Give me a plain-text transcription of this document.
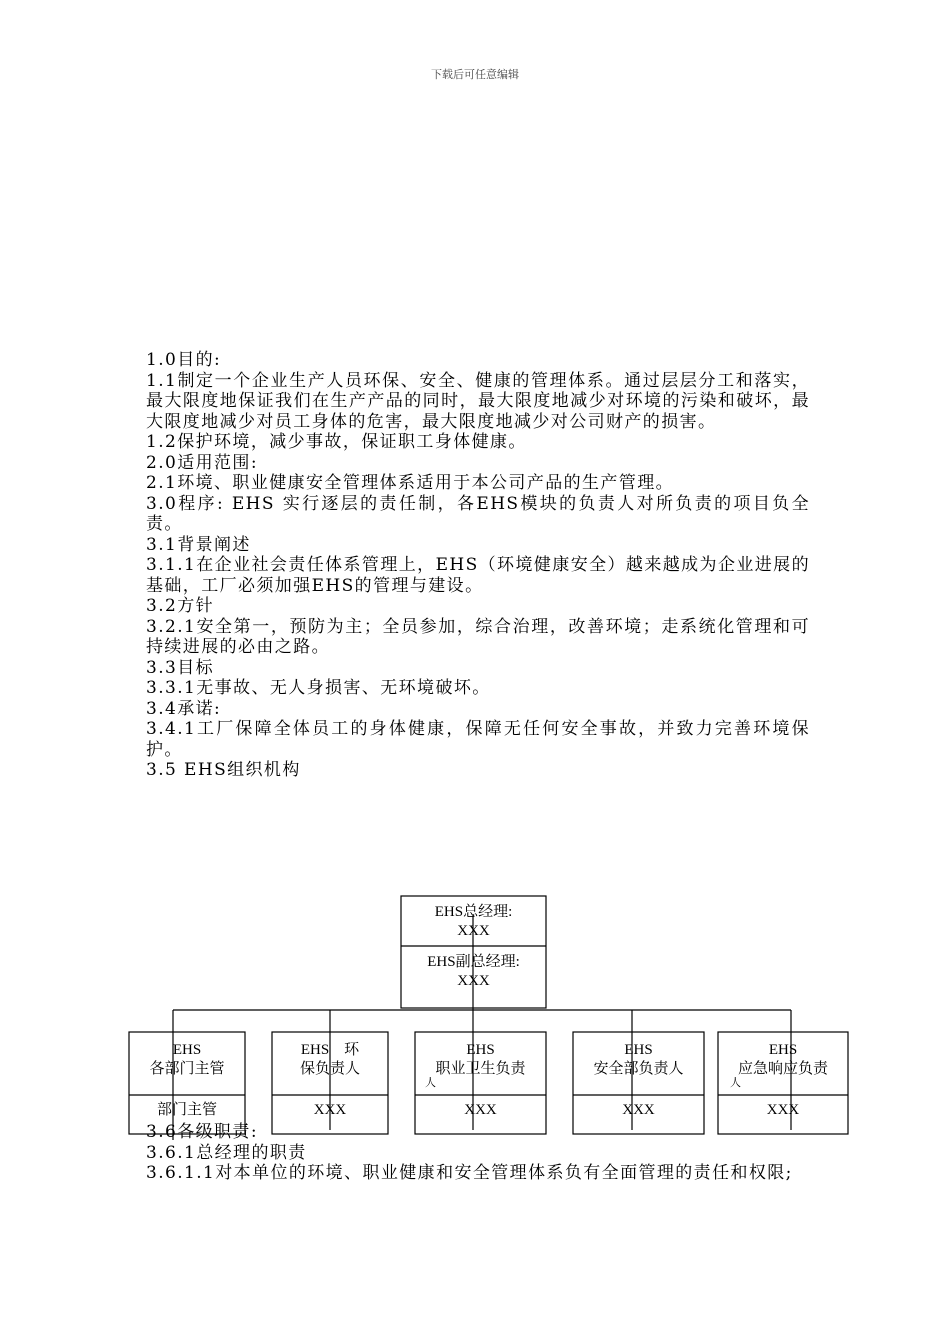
下载后可任意编辑

1.0目的:

1.1制定一个企业生产人员环保、安全、健康的管理体系。通过层层分工和落实，最大限度地保证我们在生产产品的同时，最大限度地减少对环境的污染和破坏，最大限度地减少对员工身体的危害，最大限度地减少对公司财产的损害。

1.2保护环境，减少事故，保证职工身体健康。

2.0适用范围:

2.1环境、职业健康安全管理体系适用于本公司产品的生产管理。

3.0程序: EHS 实行逐层的责任制，各EHS模块的负责人对所负责的项目负全责。

3.1背景阐述

3.1.1在企业社会责任体系管理上，EHS（环境健康安全）越来越成为企业进展的基础，工厂必须加强EHS的管理与建设。

3.2方针

3.2.1安全第一，预防为主；全员参加，综合治理，改善环境；走系统化管理和可持续进展的必由之路。

3.3目标

3.3.1无事故、无人身损害、无环境破坏。

3.4承诺:

3.4.1工厂保障全体员工的身体健康，保障无任何安全事故，并致力完善环境保护。

3.5 EHS组织机构

3.6各级职责:

3.6.1总经理的职责

3.6.1.1对本单位的环境、职业健康和安全管理体系负有全面管理的责任和权限;

EHS总经理:
XXX
EHS副总经理:
XXX
EHS
各部门主管
部门主管
EHS　环
保负责人
XXX
EHS
职业卫生负责
人
XXX
EHS
安全部负责人
XXX
EHS
应急响应负责
人
XXX
